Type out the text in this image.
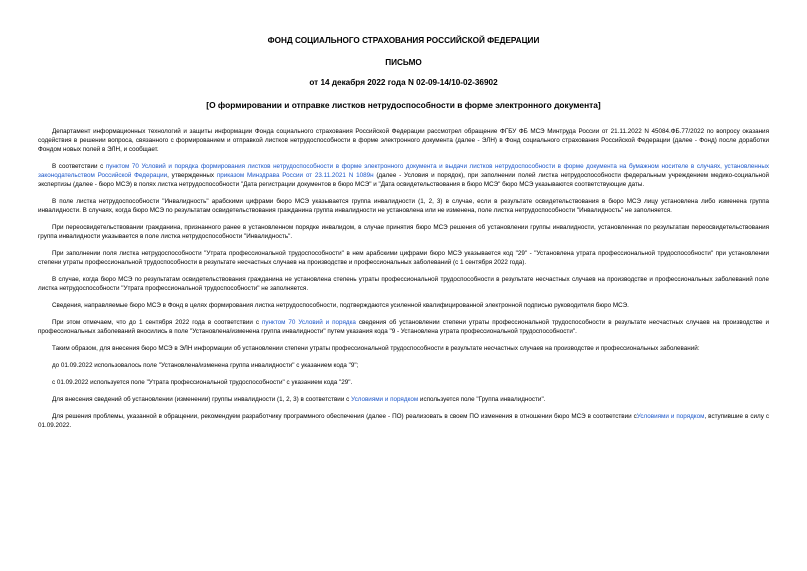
ФОНД СОЦИАЛЬНОГО СТРАХОВАНИЯ РОССИЙСКОЙ ФЕДЕРАЦИИ
ПИСЬМО
от 14 декабря 2022 года N 02-09-14/10-02-36902
[О формировании и отправке листков нетрудоспособности в форме электронного документа]

Департамент информационных технологий и защиты информации Фонда социального страхования Российской Федерации рассмотрел обращение ФГБУ ФБ МСЭ Минтруда России от 21.11.2022 N 45084.ФБ.77/2022 по вопросу оказания содействия в решении вопроса, связанного с формированием и отправкой листков нетрудоспособности в форме электронного документа (далее - ЭЛН) в Фонд социального страхования Российской Федерации (далее - Фонд) после доработки Фондом новых полей в ЭЛН, и сообщает.

В соответствии с пунктом 70 Условий и порядка формирования листков нетрудоспособности в форме электронного документа и выдачи листков нетрудоспособности в форме документа на бумажном носителе в случаях, установленных законодательством Российской Федерации, утвержденных приказом Минздрава России от 23.11.2021 N 1089н (далее - Условия и порядок), при заполнении полей листка нетрудоспособности федеральным учреждением медико-социальной экспертизы (далее - бюро МСЭ) в полях листка нетрудоспособности "Дата регистрации документов в бюро МСЭ" и "Дата освидетельствования в бюро МСЭ" бюро МСЭ указываются соответствующие даты.

В поле листка нетрудоспособности "Инвалидность" арабскими цифрами бюро МСЭ указывается группа инвалидности (1, 2, 3) в случае, если в результате освидетельствования в бюро МСЭ лицу установлена либо изменена группа инвалидности. В случаях, когда бюро МСЭ по результатам освидетельствования гражданина группа инвалидности не установлена или не изменена, поле листка нетрудоспособности "Инвалидность" не заполняется.

При переосвидетельствовании гражданина, признанного ранее в установленном порядке инвалидом, в случае принятия бюро МСЭ решения об установлении группы инвалидности, установленная по результатам переосвидетельствования группа инвалидности указывается в поле листка нетрудоспособности "Инвалидность".

При заполнении поля листка нетрудоспособности "Утрата профессиональной трудоспособности" в нем арабскими цифрами бюро МСЭ указывается код "29" - "Установлена утрата профессиональной трудоспособности" при установлении степени утраты профессиональной трудоспособности в результате несчастных случаев на производстве и профессиональных заболеваний (с 1 сентября 2022 года).

В случае, когда бюро МСЭ по результатам освидетельствования гражданина не установлена степень утраты профессиональной трудоспособности в результате несчастных случаев на производстве и профессиональных заболеваний поле листка нетрудоспособности "Утрата профессиональной трудоспособности" не заполняется.

Сведения, направляемые бюро МСЭ в Фонд в целях формирования листка нетрудоспособности, подтверждаются усиленной квалифицированной электронной подписью руководителя бюро МСЭ.

При этом отмечаем, что до 1 сентября 2022 года в соответствии с пунктом 70 Условий и порядка сведения об установлении степени утраты профессиональной трудоспособности в результате несчастных случаев на производстве и профессиональных заболеваний вносились в поле "Установлена/изменена группа инвалидности" путем указания кода "9 - Установлена утрата профессиональной трудоспособности".

Таким образом, для внесения бюро МСЭ в ЭЛН информации об установлении степени утраты профессиональной трудоспособности в результате несчастных случаев на производстве и профессиональных заболеваний:

до 01.09.2022 использовалось поле "Установлена/изменена группа инвалидности" с указанием кода "9";

с 01.09.2022 используется поле "Утрата профессиональной трудоспособности" с указанием кода "29".

Для внесения сведений об установлении (изменении) группы инвалидности (1, 2, 3) в соответствии с Условиями и порядком используется поле "Группа инвалидности".

Для решения проблемы, указанной в обращении, рекомендуем разработчику программного обеспечения (далее - ПО) реализовать в своем ПО изменения в отношении бюро МСЭ в соответствии сУсловиями и порядком, вступившие в силу с 01.09.2022.
